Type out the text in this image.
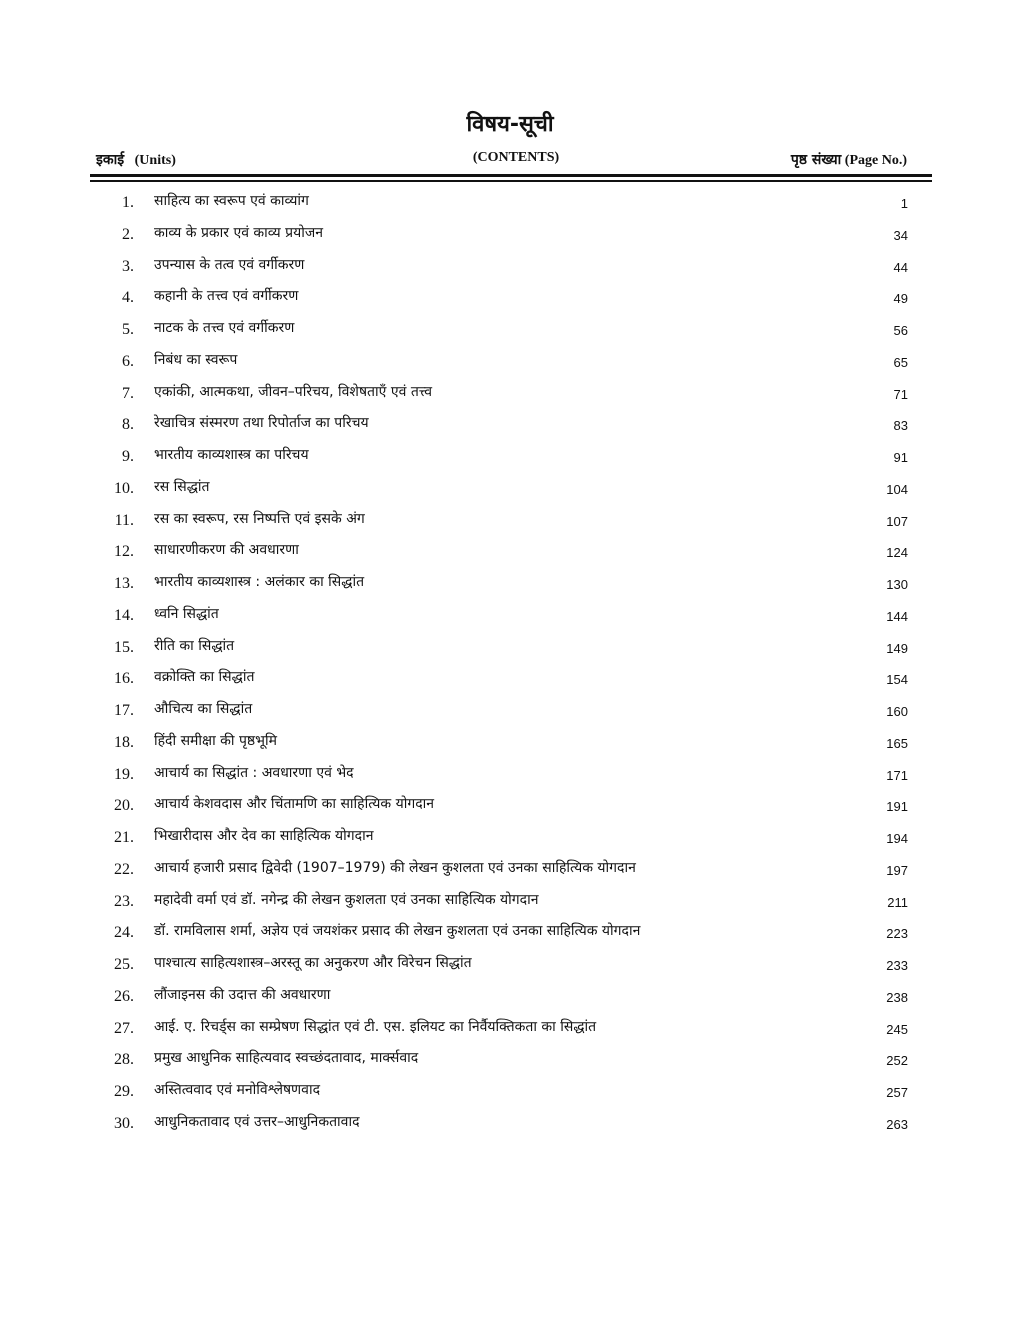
विषय-सूची
इकाई (Units)	(CONTENTS)	पृष्ठ संख्या (Page No.)
1. साहित्य का स्वरूप एवं काव्यांग	1
2. काव्य के प्रकार एवं काव्य प्रयोजन	34
3. उपन्यास के तत्व एवं वर्गीकरण	44
4. कहानी के तत्त्व एवं वर्गीकरण	49
5. नाटक के तत्त्व एवं वर्गीकरण	56
6. निबंध का स्वरूप	65
7. एकांकी, आत्मकथा, जीवन–परिचय, विशेषताएँ एवं तत्त्व	71
8. रेखाचित्र संस्मरण तथा रिपोर्ताज का परिचय	83
9. भारतीय काव्यशास्त्र का परिचय	91
10. रस सिद्धांत	104
11. रस का स्वरूप, रस निष्पत्ति एवं इसके अंग	107
12. साधारणीकरण की अवधारणा	124
13. भारतीय काव्यशास्त्र : अलंकार का सिद्धांत	130
14. ध्वनि सिद्धांत	144
15. रीति का सिद्धांत	149
16. वक्रोक्ति का सिद्धांत	154
17. औचित्य का सिद्धांत	160
18. हिंदी समीक्षा की पृष्ठभूमि	165
19. आचार्य का सिद्धांत : अवधारणा एवं भेद	171
20. आचार्य केशवदास और चिंतामणि का साहित्यिक योगदान	191
21. भिखारीदास और देव का साहित्यिक योगदान	194
22. आचार्य हजारी प्रसाद द्विवेदी (1907–1979) की लेखन कुशलता एवं उनका साहित्यिक योगदान	197
23. महादेवी वर्मा एवं डॉ. नगेन्द्र की लेखन कुशलता एवं उनका साहित्यिक योगदान	211
24. डॉ. रामविलास शर्मा, अज्ञेय एवं जयशंकर प्रसाद की लेखन कुशलता एवं उनका साहित्यिक योगदान	223
25. पाश्चात्य साहित्यशास्त्र–अरस्तू का अनुकरण और विरेचन सिद्धांत	233
26. लौंजाइनस की उदात्त की अवधारणा	238
27. आई. ए. रिचर्ड्स का सम्प्रेषण सिद्धांत एवं टी. एस. इलियट का निर्वैयक्तिकता का सिद्धांत	245
28. प्रमुख आधुनिक साहित्यवाद स्वच्छंदतावाद, मार्क्सवाद	252
29. अस्तित्ववाद एवं मनोविश्लेषणवाद	257
30. आधुनिकतावाद एवं उत्तर–आधुनिकतावाद	263
